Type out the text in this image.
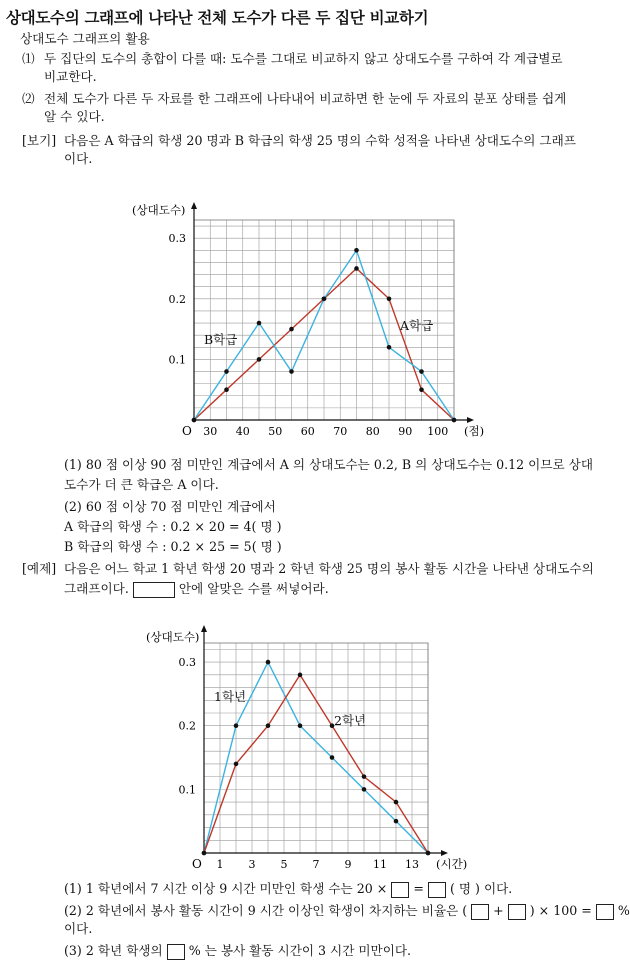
상대도수의 그래프에 나타난 전체 도수가 다른 두 집단 비교하기
상대도수 그래프의 활용
⑴ 두 집단의 도수의 총합이 다를 때: 도수를 그대로 비교하지 않고 상대도수를 구하여 각 계급별로
비교한다.
⑵ 전체 도수가 다른 두 자료를 한 그래프에 나타내어 비교하면 한 눈에 두 자료의 분포 상태를 쉽게
알 수 있다.
[보기] 다음은 A 학급의 학생 20 명과 B 학급의 학생 25 명의 수학 성적을 나타낸 상대도수의 그래프
이다.
A학급
B학급
30 40 50 60 70 80 90 100
0.1
0.2
0.3
O
(상대도수)
(점)
(1) 80 점 이상 90 점 미만인 계급에서 A 의 상대도수는 0.2, B 의 상대도수는 0.12 이므로 상대
도수가 더 큰 학급은 A 이다.
(2) 60 점 이상 70 점 미만인 계급에서
A 학급의 학생 수 : 0.2 × 20 = 4( 명 )
B 학급의 학생 수 : 0.2 × 25 = 5( 명 )
[예제] 다음은 어느 학교 1 학년 학생 20 명과 2 학년 학생 25 명의 봉사 활동 시간을 나타낸 상대도수의
그래프이다.	안에 알맞은 수를 써넣어라.
1학년
2학년
1 3 5 7 9 11 13
0.1
0.2
0.3
O
(상대도수)
(시간)
(1) 1 학년에서 7 시간 이상 9 시간 미만인 학생 수는 20 × = ( 명 ) 이다.
(2) 2 학년에서 봉사 활동 시간이 9 시간 이상인 학생이 차지하는 비율은 ( + ) × 100 = %
이다.
(3) 2 학년 학생의 % 는 봉사 활동 시간이 3 시간 미만이다.
